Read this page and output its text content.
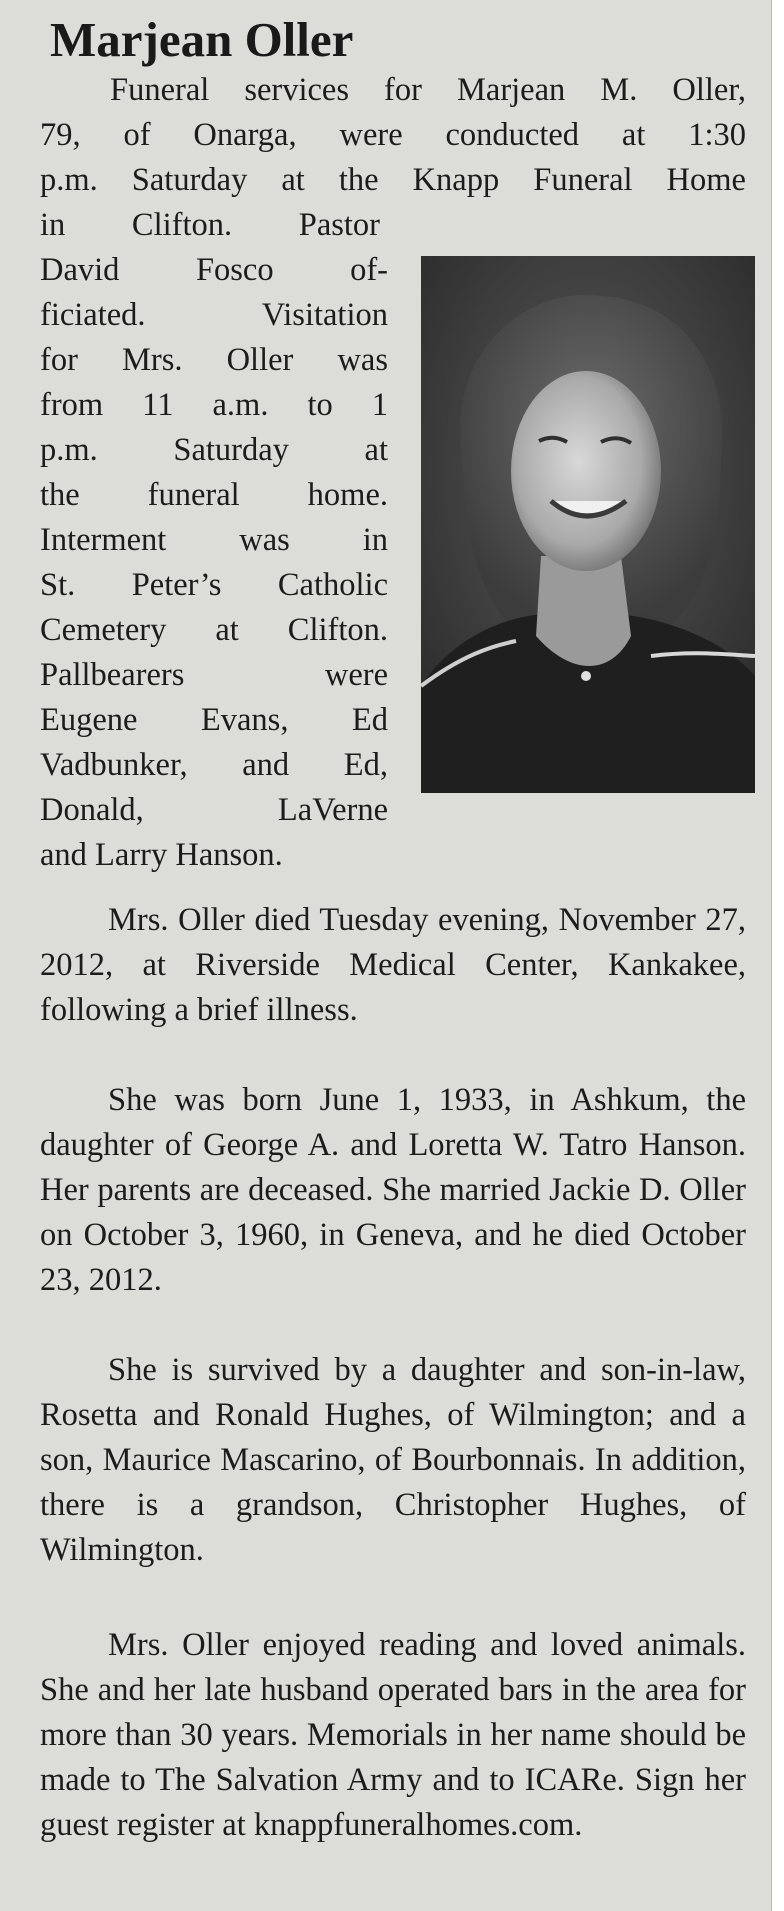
Marjean Oller
Funeral services for Marjean M. Oller,
79, of Onarga, were conducted at 1:30
p.m. Saturday at the Knapp Funeral Home
in Clifton. Pastor
David Fosco of-
ficiated. Visitation
for Mrs. Oller was
from 11 a.m. to 1
p.m. Saturday at
the funeral home.
Interment was in
St. Peter’s Catholic
Cemetery at Clifton.
Pallbearers were
Eugene Evans, Ed
Vadbunker, and Ed,
Donald, LaVerne
and Larry Hanson.
Mrs. Oller died Tuesday evening, November 27, 2012, at Riverside Medical Center, Kankakee, following a brief illness.
She was born June 1, 1933, in Ashkum, the daughter of George A. and Loretta W. Tatro Hanson. Her parents are deceased. She married Jackie D. Oller on October 3, 1960, in Geneva, and he died October 23, 2012.
She is survived by a daughter and son-in-law, Rosetta and Ronald Hughes, of Wilmington; and a son, Maurice Mascarino, of Bourbonnais. In addition, there is a grandson, Christopher Hughes, of Wilmington.
Mrs. Oller enjoyed reading and loved animals. She and her late husband operated bars in the area for more than 30 years. Memorials in her name should be made to The Salvation Army and to ICARe. Sign her guest register at knappfuneralhomes.com.
